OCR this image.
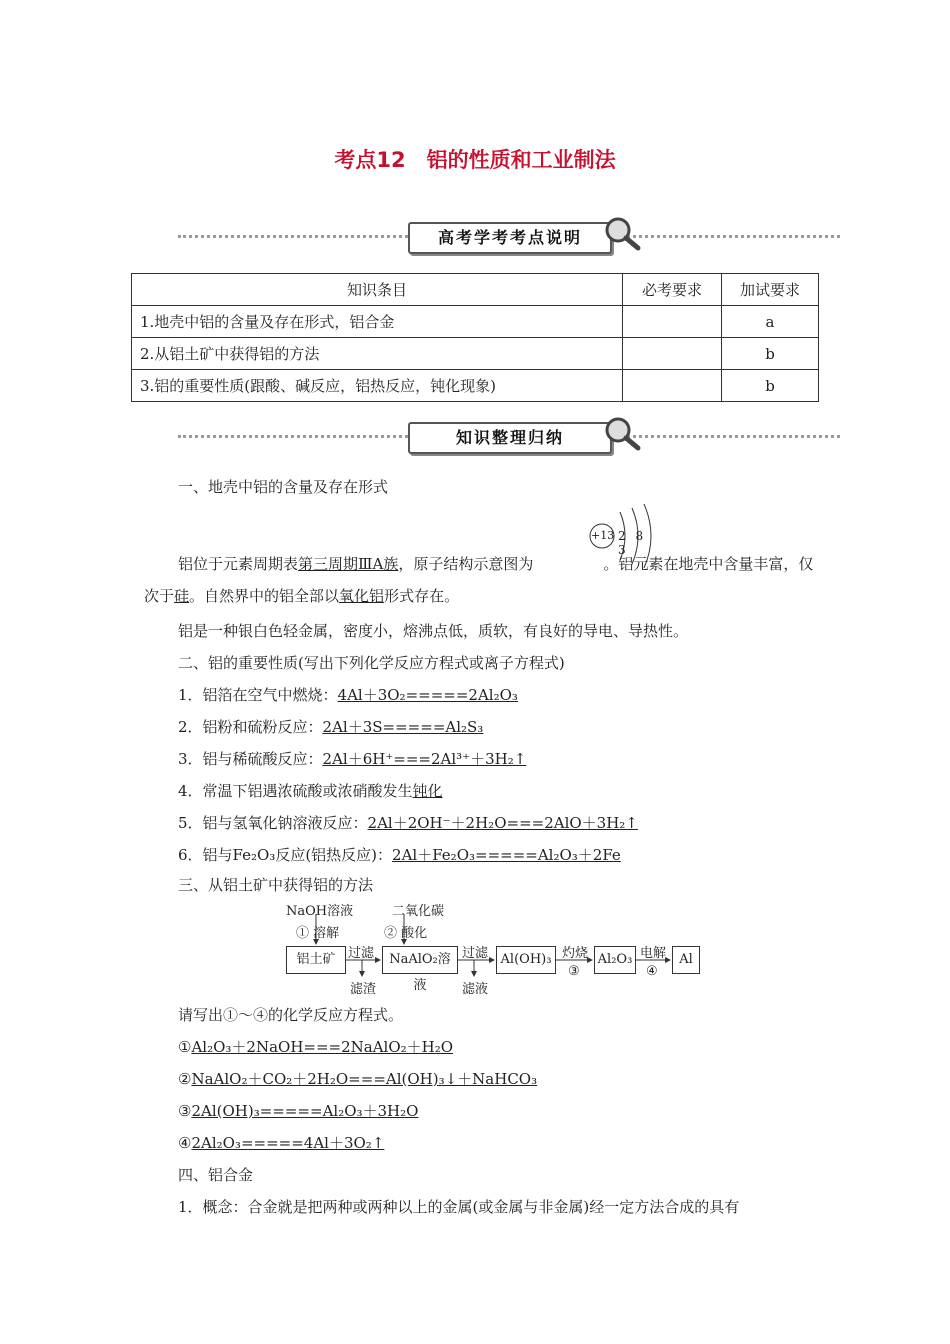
考点12　铝的性质和工业制法
高考学考考点说明
知识条目	必考要求	加试要求
1.地壳中铝的含量及存在形式，铝合金		a
2.从铝土矿中获得铝的方法		b
3.铝的重要性质(跟酸、碱反应，铝热反应，钝化现象)		b
知识整理归纳
一、地壳中铝的含量及存在形式
+13 2 8 3
铝位于元素周期表第三周期ⅢA族，原子结构示意图为	。铝元素在地壳中含量丰富，仅次于硅。自然界中的铝全部以氧化铝形式存在。
铝是一种银白色轻金属，密度小，熔沸点低，质软，有良好的导电、导热性。
二、铝的重要性质(写出下列化学反应方程式或离子方程式)
1．铝箔在空气中燃烧：4Al＋3O₂=====2Al₂O₃
2．铝粉和硫粉反应：2Al＋3S=====Al₂S₃
3．铝与稀硫酸反应：2Al＋6H⁺===2Al³⁺＋3H₂↑
4．常温下铝遇浓硫酸或浓硝酸发生钝化
5．铝与氢氧化钠溶液反应：2Al＋2OH⁻＋2H₂O===2AlO＋3H₂↑
6．铝与Fe₂O₃反应(铝热反应)：2Al＋Fe₂O₃=====Al₂O₃＋2Fe
三、从铝土矿中获得铝的方法
NaOH溶液
① 溶解
二氧化碳
② 酸化
铝土矿 过滤
滤渣
NaAlO₂溶液
过滤
滤液
Al(OH)₃ 灼烧
③
Al₂O₃ 电解
④
Al
请写出①～④的化学反应方程式。
①Al₂O₃＋2NaOH===2NaAlO₂＋H₂O
②NaAlO₂＋CO₂＋2H₂O===Al(OH)₃↓＋NaHCO₃
③2Al(OH)₃=====Al₂O₃＋3H₂O
④2Al₂O₃=====4Al＋3O₂↑
四、铝合金
1．概念：合金就是把两种或两种以上的金属(或金属与非金属)经一定方法合成的具有
